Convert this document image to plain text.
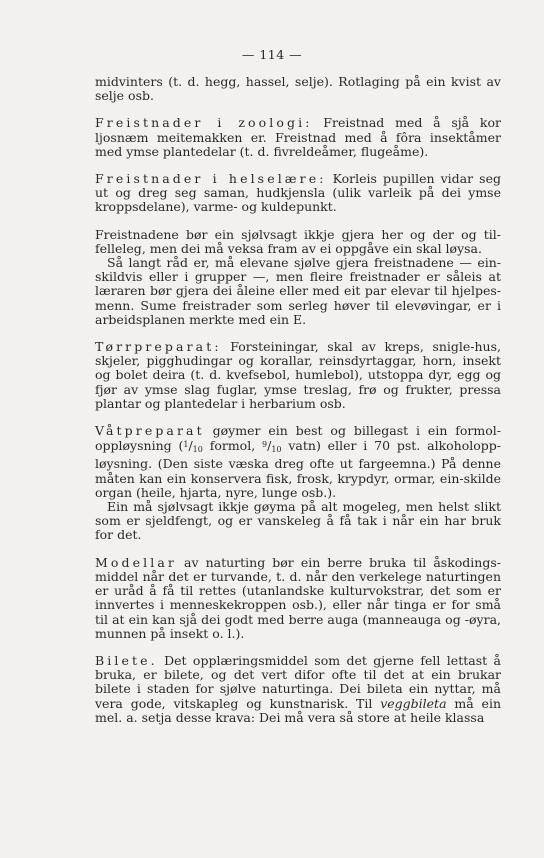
— 114 —

midvinters (t. d. hegg, hassel, selje). Rotlaging på ein kvist av selje osb.

Freistnader i zoologi: Freistnad med å sjå kor ljosnæm meitemakken er. Freistnad med å fôra insektåmer med ymse plantedelar (t. d. fivreldeåmer, flugeåme).

Freistnader i helselære: Korleis pupillen vidar seg ut og dreg seg saman, hudkjensla (ulik varleik på dei ymse kroppsdelane), varme- og kuldepunkt.

Freistnadene bør ein sjølvsagt ikkje gjera her og der og til-felleleg, men dei må veksa fram av ei oppgåve ein skal løysa.

Så langt råd er, må elevane sjølve gjera freistnadene — ein-skildvis eller i grupper —, men fleire freistnader er såleis at læraren bør gjera dei åleine eller med eit par elevar til hjelpes-menn. Sume freistrader som serleg høver til elevøvingar, er i arbeidsplanen merkte med ein E.

Tørrpreparat: Forsteiningar, skal av kreps, snigle-hus, skjeler, pigghudingar og korallar, reinsdyrtaggar, horn, insekt og bolet deira (t. d. kvefsebol, humlebol), utstoppa dyr, egg og fjør av ymse slag fuglar, ymse treslag, frø og frukter, pressa plantar og plantedelar i herbarium osb.

Våtpreparat gøymer ein best og billegast i ein formol-oppløysning ($^1$/10 formol, $^9$/10 vatn) eller i 70 pst. alkoholopp-løysning. (Den siste væska dreg ofte ut fargeemna.) På denne måten kan ein konservera fisk, frosk, krypdyr, ormar, ein-skilde organ (heile, hjarta, nyre, lunge osb.).

Ein må sjølvsagt ikkje gøyma på alt mogeleg, men helst slikt som er sjeldfengt, og er vanskeleg å få tak i når ein har bruk for det.

Modellar av naturting bør ein berre bruka til åskodings-middel når det er turvande, t. d. når den verkelege naturtingen er uråd å få til rettes (utanlandske kulturvokstrar, det som er innvertes i menneskekroppen osb.), eller når tinga er for små til at ein kan sjå dei godt med berre auga (manneauga og -øyra, munnen på insekt o. l.).

Bilete. Det opplæringsmiddel som det gjerne fell lettast å bruka, er bilete, og det vert difor ofte til det at ein brukar bilete i staden for sjølve naturtinga. Dei bileta ein nyttar, må vera gode, vitskapleg og kunstnarisk. Til veggbileta må ein mel. a. setja desse krava: Dei må vera så store at heile klassa
